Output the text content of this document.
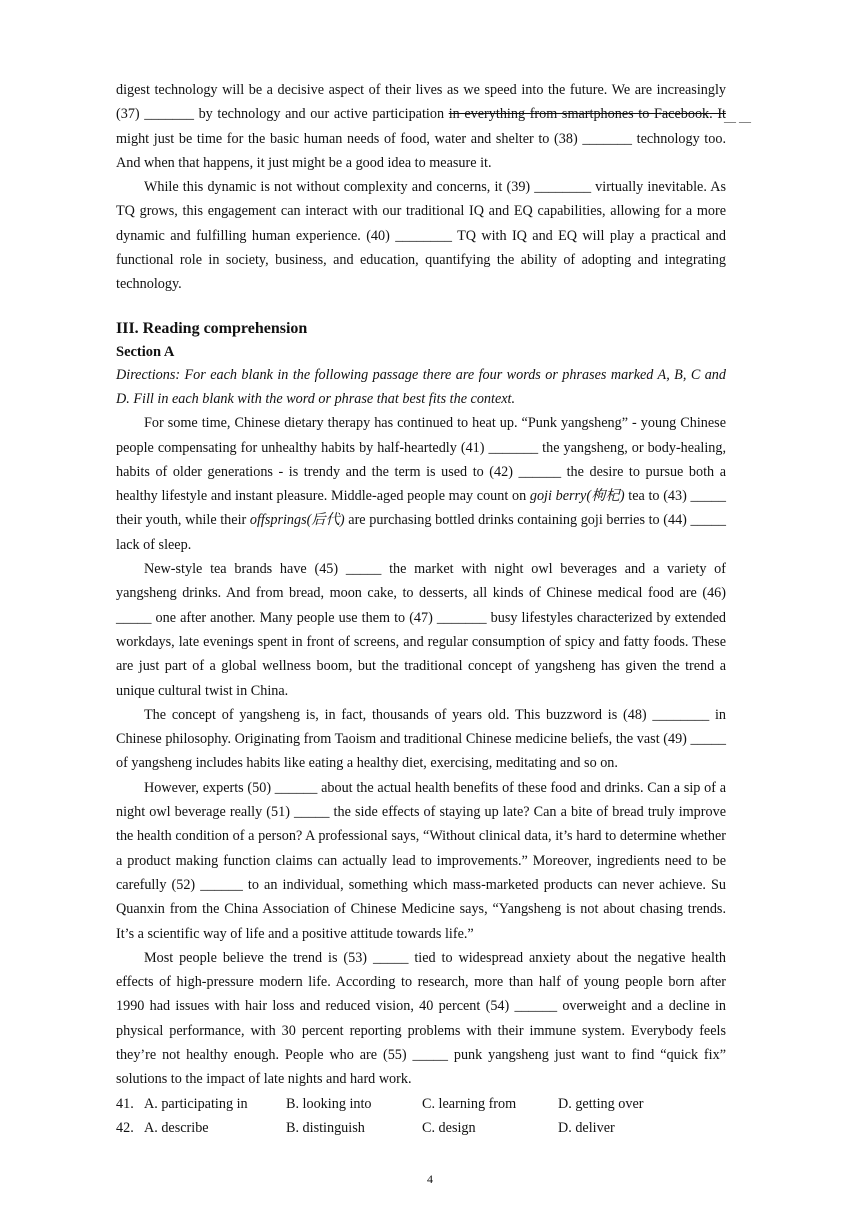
digest technology will be a decisive aspect of their lives as we speed into the future. We are increasingly (37) _______ by technology and our active participation in everything from smartphones to Facebook. It might just be time for the basic human needs of food, water and shelter to (38) _______ technology too. And when that happens, it just might be a good idea to measure it.

While this dynamic is not without complexity and concerns, it (39) ________ virtually inevitable. As TQ grows, this engagement can interact with our traditional IQ and EQ capabilities, allowing for a more dynamic and fulfilling human experience. (40) ________ TQ with IQ and EQ will play a practical and functional role in society, business, and education, quantifying the ability of adopting and integrating technology.

III. Reading comprehension
Section A

Directions: For each blank in the following passage there are four words or phrases marked A, B, C and D. Fill in each blank with the word or phrase that best fits the context.

For some time, Chinese dietary therapy has continued to heat up. “Punk yangsheng” - young Chinese people compensating for unhealthy habits by half-heartedly (41) _______ the yangsheng, or body-healing, habits of older generations - is trendy and the term is used to (42) ______ the desire to pursue both a healthy lifestyle and instant pleasure. Middle-aged people may count on goji berry(枸杞) tea to (43) _____ their youth, while their offsprings(后代) are purchasing bottled drinks containing goji berries to (44) _____ lack of sleep.

New-style tea brands have (45) _____ the market with night owl beverages and a variety of yangsheng drinks. And from bread, moon cake, to desserts, all kinds of Chinese medical food are (46) _____ one after another. Many people use them to (47) _______ busy lifestyles characterized by extended workdays, late evenings spent in front of screens, and regular consumption of spicy and fatty foods. These are just part of a global wellness boom, but the traditional concept of yangsheng has given the trend a unique cultural twist in China.

The concept of yangsheng is, in fact, thousands of years old. This buzzword is (48) ________ in Chinese philosophy. Originating from Taoism and traditional Chinese medicine beliefs, the vast (49) _____ of yangsheng includes habits like eating a healthy diet, exercising, meditating and so on.

However, experts (50) ______ about the actual health benefits of these food and drinks. Can a sip of a night owl beverage really (51) _____ the side effects of staying up late? Can a bite of bread truly improve the health condition of a person? A professional says, “Without clinical data, it’s hard to determine whether a product making function claims can actually lead to improvements.” Moreover, ingredients need to be carefully (52) ______ to an individual, something which mass-marketed products can never achieve. Su Quanxin from the China Association of Chinese Medicine says, “Yangsheng is not about chasing trends. It’s a scientific way of life and a positive attitude towards life.”

Most people believe the trend is (53) _____ tied to widespread anxiety about the negative health effects of high-pressure modern life. According to research, more than half of young people born after 1990 had issues with hair loss and reduced vision, 40 percent (54) ______ overweight and a decline in physical performance, with 30 percent reporting problems with their immune system. Everybody feels they’re not healthy enough. People who are (55) _____ punk yangsheng just want to find “quick fix” solutions to the impact of late nights and hard work.

41. A. participating in	B. looking into	C. learning from	D. getting over
42. A. describe	B. distinguish	C. design	D. deliver
— —
4
